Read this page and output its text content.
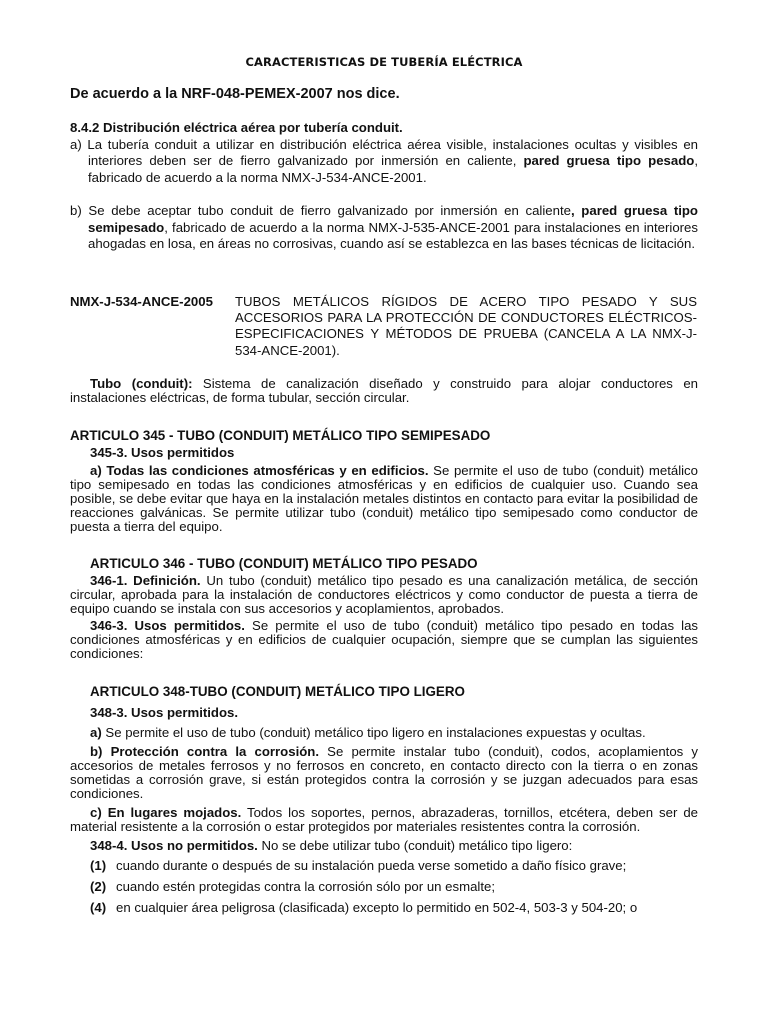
CARACTERISTICAS DE TUBERÍA ELÉCTRICA
De acuerdo a la NRF-048-PEMEX-2007 nos dice.

8.4.2 Distribución eléctrica aérea por tubería conduit.

a) La tubería conduit a utilizar en distribución eléctrica aérea visible, instalaciones ocultas y visibles en interiores deben ser de fierro galvanizado por inmersión en caliente, pared gruesa tipo pesado, fabricado de acuerdo a la norma NMX-J-534-ANCE-2001.

b) Se debe aceptar tubo conduit de fierro galvanizado por inmersión en caliente, pared gruesa tipo semipesado, fabricado de acuerdo a la norma NMX-J-535-ANCE-2001 para instalaciones en interiores ahogadas en losa, en áreas no corrosivas, cuando así se establezca en las bases técnicas de licitación.

NMX-J-534-ANCE-2005 TUBOS METÁLICOS RÍGIDOS DE ACERO TIPO PESADO Y SUS ACCESORIOS PARA LA PROTECCIÓN DE CONDUCTORES ELÉCTRICOS-ESPECIFICACIONES Y MÉTODOS DE PRUEBA (CANCELA A LA NMX-J-534-ANCE-2001).

Tubo (conduit): Sistema de canalización diseñado y construido para alojar conductores en instalaciones eléctricas, de forma tubular, sección circular.

ARTICULO 345 - TUBO (CONDUIT) METÁLICO TIPO SEMIPESADO

345-3. Usos permitidos

a) Todas las condiciones atmosféricas y en edificios. Se permite el uso de tubo (conduit) metálico tipo semipesado en todas las condiciones atmosféricas y en edificios de cualquier uso. Cuando sea posible, se debe evitar que haya en la instalación metales distintos en contacto para evitar la posibilidad de reacciones galvánicas. Se permite utilizar tubo (conduit) metálico tipo semipesado como conductor de puesta a tierra del equipo.

ARTICULO 346 - TUBO (CONDUIT) METÁLICO TIPO PESADO

346-1. Definición. Un tubo (conduit) metálico tipo pesado es una canalización metálica, de sección circular, aprobada para la instalación de conductores eléctricos y como conductor de puesta a tierra de equipo cuando se instala con sus accesorios y acoplamientos, aprobados.

346-3. Usos permitidos. Se permite el uso de tubo (conduit) metálico tipo pesado en todas las condiciones atmosféricas y en edificios de cualquier ocupación, siempre que se cumplan las siguientes condiciones:

ARTICULO 348-TUBO (CONDUIT) METÁLICO TIPO LIGERO

348-3. Usos permitidos.

a) Se permite el uso de tubo (conduit) metálico tipo ligero en instalaciones expuestas y ocultas.

b) Protección contra la corrosión. Se permite instalar tubo (conduit), codos, acoplamientos y accesorios de metales ferrosos y no ferrosos en concreto, en contacto directo con la tierra o en zonas sometidas a corrosión grave, si están protegidos contra la corrosión y se juzgan adecuados para esas condiciones.

c) En lugares mojados. Todos los soportes, pernos, abrazaderas, tornillos, etcétera, deben ser de material resistente a la corrosión o estar protegidos por materiales resistentes contra la corrosión.

348-4. Usos no permitidos. No se debe utilizar tubo (conduit) metálico tipo ligero:

(1) cuando durante o después de su instalación pueda verse sometido a daño físico grave;
(2) cuando estén protegidas contra la corrosión sólo por un esmalte;
(4) en cualquier área peligrosa (clasificada) excepto lo permitido en 502-4, 503-3 y 504-20; o
